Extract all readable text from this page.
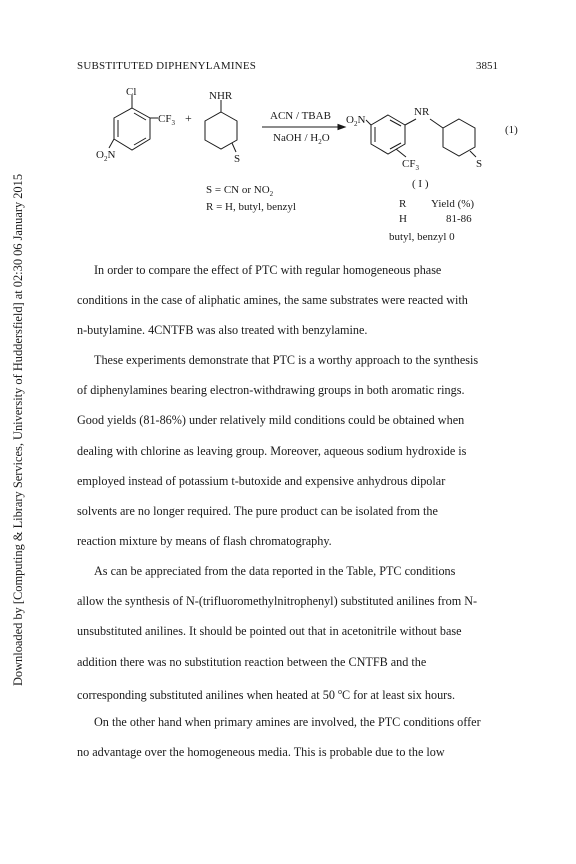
Downloaded by [Computing & Library Services, University of Huddersfield] at 02:30 06 January 2015
SUBSTITUTED DIPHENYLAMINES	3851
Cl
$CF_3$ +
$O_2N$
NHR
S
ACN / TBAB
NaOH / $H_2O$
$O_2N$
NR
$CF_3$	S
(1)
S = CN or $NO_2$
R = H, butyl, benzyl
( I )
R Yield (%)
H	81-86
butyl, benzyl 0

In order to compare the effect of PTC with regular homogeneous phase

conditions in the case of aliphatic amines, the same substrates were reacted with

n-butylamine. 4CNTFB was also treated with benzylamine.

These experiments demonstrate that PTC is a worthy approach to the synthesis

of diphenylamines bearing electron-withdrawing groups in both aromatic rings.

Good yields (81-86%) under relatively mild conditions could be obtained when

dealing with chlorine as leaving group. Moreover, aqueous sodium hydroxide is

employed instead of potassium t-butoxide and expensive anhydrous dipolar

solvents are no longer required. The pure product can be isolated from the

reaction mixture by means of flash chromatography.

As can be appreciated from the data reported in the Table, PTC conditions

allow the synthesis of N-(trifluoromethylnitrophenyl) substituted anilines from N-

unsubstituted anilines. It should be pointed out that in acetonitrile without base

addition there was no substitution reaction between the CNTFB and the

corresponding substituted anilines when heated at 50 $^o$C for at least six hours.

On the other hand when primary amines are involved, the PTC conditions offer

no advantage over the homogeneous media. This is probable due to the low
